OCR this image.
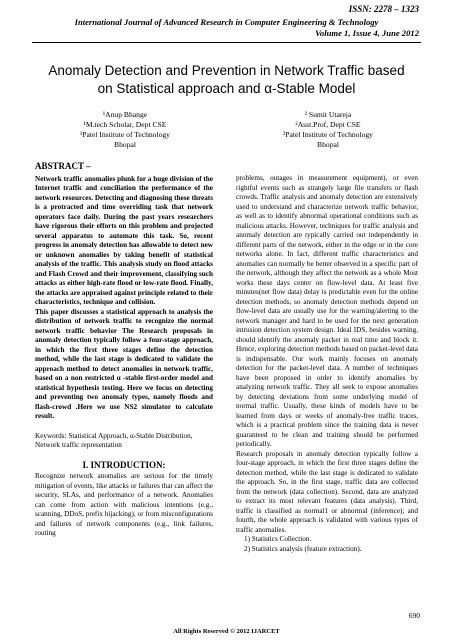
ISSN: 2278 – 1323
International Journal of Advanced Research in Computer Engineering & Technology
Volume 1, Issue 4, June 2012
Anomaly Detection and Prevention in Network Traffic based on Statistical approach and α-Stable Model
¹Anup Bhange
¹M.tech Scholar, Dept CSE
¹Patel Institute of Technology
Bhopal
² Sumit Utareja
²Asst.Prof, Dept CSE
²Patel Institute of Technology
Bhopal
ABSTRACT –

Network traffic anomalies plunk for a huge division of the Internet traffic and conciliation the performance of the network resources. Detecting and diagnosing these threats is a protracted and time overriding task that network operators face daily. During the past years researchers have rigorous their efforts on this problem and projected several apparatus to automate this task. So, recent progress in anomaly detection has allowable to detect new or unknown anomalies by taking benefit of statistical analysis of the traffic. This analysis study on flood attacks and Flash Crowd and their improvement, classifying such attacks as either high-rate flood or low-rate flood. Finally, the attacks are appraised against principle related to their characteristics, technique and collision.

This paper discusses a statistical approach to analysis the distribution of network traffic to recognize the normal network traffic behavior The Research proposals in anomaly detection typically follow a four-stage approach, in which the first three stages define the detection method, while the last stage is dedicated to validate the approach method to detect anomalies in network traffic, based on a non restricted α -stable first-order model and statistical hypothesis testing. Here we focus on detecting and preventing two anomaly types, namely floods and flash-crowd .Here we use NS2 simulator to calculate result.

Keywords: Statistical Approach, α-Stable Distribution, Network traffic representation

I. INTRODUCTION:

Recognize network anomalies are serious for the timely mitigation of events, like attacks or failures that can affect the security, SLAs, and performance of a network. Anomalies can come from action with malicious intentions (e.g., scanning, DDoS, prefix hijacking), or from misconfigurations and failures of network components (e.g., link failures, routing

problems, outages in measurement equipment), or even rightful events such as strangely large file transfers or flash crowds. Traffic analysis and anomaly detection are extensively used to understand and characterize network traffic behavior, as well as to identify abnormal operational conditions such as malicious attacks. However, techniques for traffic analysis and anomaly detection are typically carried out independently in different parts of the network, either in the edge or in the core networks alone. In fact, different traffic characteristics and anomalies can normally be better observed in a specific part of the network, although they affect the network as a whole Most works these days center on flow-level data. At least five minutes(net flow data) delay is predictable even for the online detection methods, so anomaly detection methods depend on flow-level data are usually use for the warning/alerting to the network manager and hard to be used for the next generation intrusion detection system design. Ideal IDS, besides warning, should identify the anomaly packet in real time and block it. Hence, exploring detection methods based on packet-level data is indispensable. Our work mainly focuses on anomaly detection for the packet-level data. A number of techniques have been proposed in order to identify anomalies by analyzing network traffic. They all seek to expose anomalies by detecting deviations from some underlying model of normal traffic. Usually, these kinds of models have to be learned from days or weeks of anomaly-free traffic traces, which is a practical problem since the training data is never guaranteed to be clean and training should be performed periodically.

Research proposals in anomaly detection typically follow a four-stage approach, in which the first three stages define the detection method, while the last stage is dedicated to validate the approach. So, in the first stage, traffic data are collected from the network (data collection). Second, data are analyzed to extract its most relevant features (data analysis). Third, traffic is classified as normal1 or abnormal (inference); and fourth, the whole approach is validated with various types of traffic anomalies.

1) Statistics Collection.
2) Statistics analysis (feature extraction).
690
All Rights Reserved © 2012 IJARCET
